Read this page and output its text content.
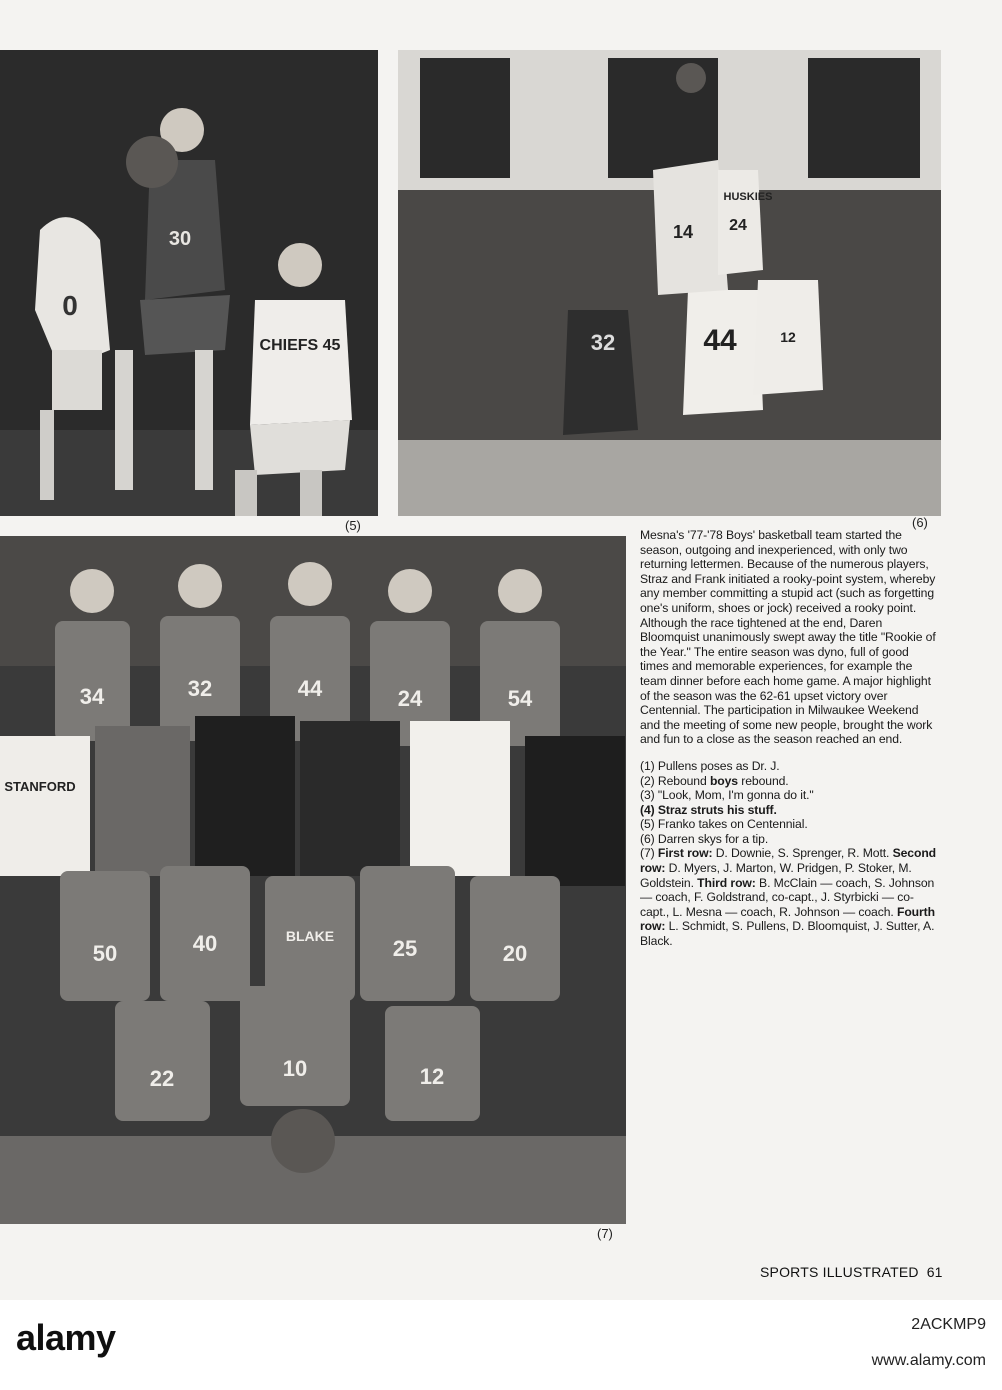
CHIEFS 45
30
0
(5)
44
32
24
12
14
HUSKIES
(6)
STANFORD
34	32	44	24	54
50	40	25	20
22	10	12
BLAKE
(7)

Mesna's '77-'78 Boys' basketball team started the season, outgoing and inexperienced, with only two returning lettermen. Because of the numerous players, Straz and Frank initiated a rooky-point system, whereby any member committing a stupid act (such as forgetting one's uniform, shoes or jock) received a rooky point. Although the race tightened at the end, Daren Bloomquist unanimously swept away the title "Rookie of the Year." The entire season was dyno, full of good times and memorable experiences, for example the team dinner before each home game. A major highlight of the season was the 62-61 upset victory over Centennial. The participation in Milwaukee Weekend and the meeting of some new people, brought the work and fun to a close as the season reached an end.

(1) Pullens poses as Dr. J.
(2) Rebound boys rebound.
(3) "Look, Mom, I'm gonna do it."
(4) Straz struts his stuff.
(5) Franko takes on Centennial.
(6) Darren skys for a tip.
(7) First row: D. Downie, S. Sprenger, R. Mott. Second row: D. Myers, J. Marton, W. Pridgen, P. Stoker, M. Goldstein. Third row: B. McClain — coach, S. Johnson — coach, F. Goldstrand, co-capt., J. Styrbicki — co-capt., L. Mesna — coach, R. Johnson — coach. Fourth row: L. Schmidt, S. Pullens, D. Bloomquist, J. Sutter, A. Black.
SPORTS ILLUSTRATED 61
alamy	2ACKMP9
www.alamy.com
